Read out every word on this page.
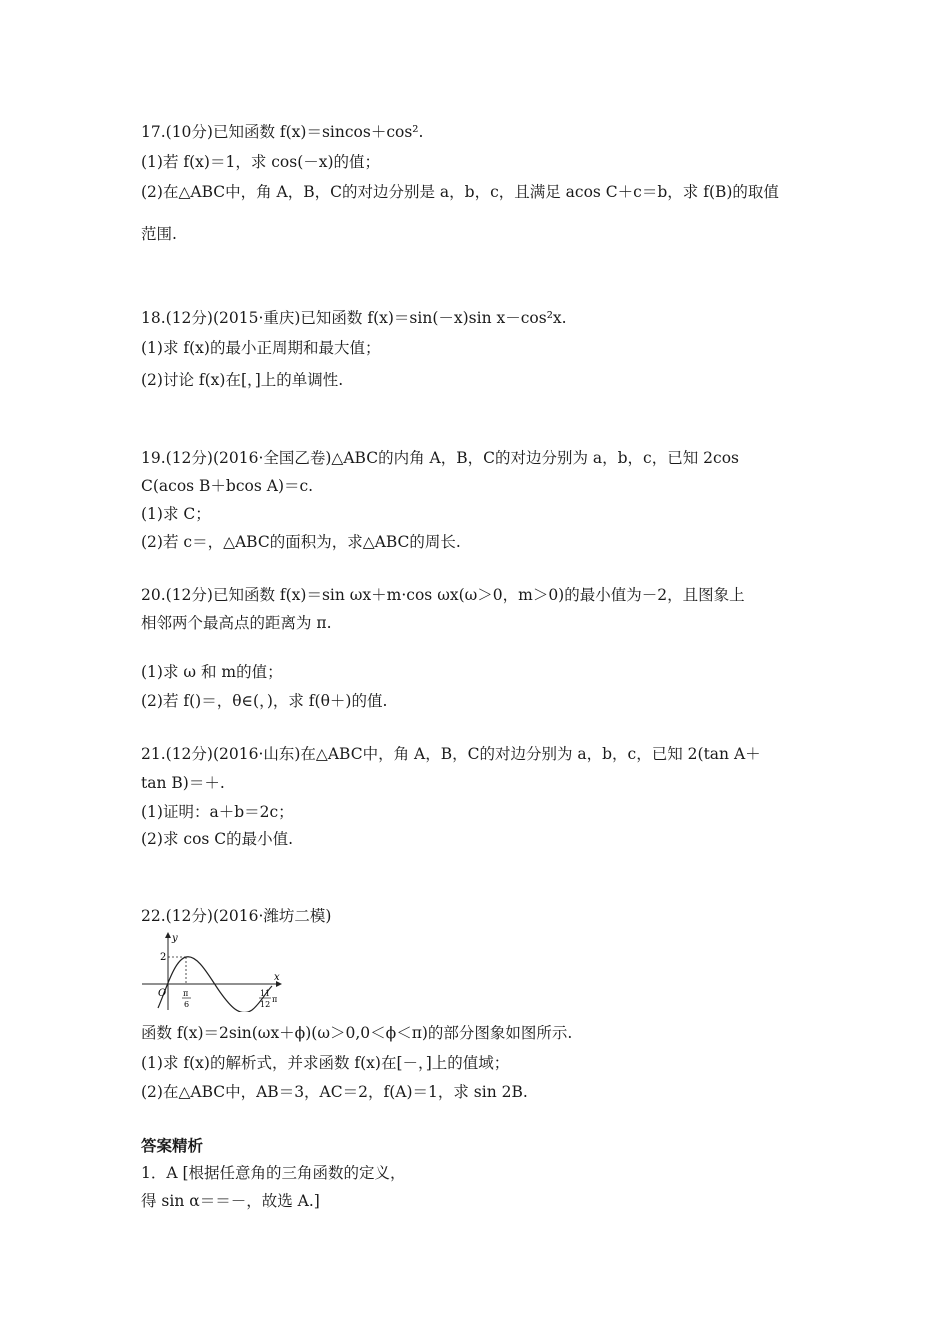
17.(10分)已知函数 f(x)＝sincos＋cos².
(1)若 f(x)＝1，求 cos(－x)的值；
(2)在△ABC中，角 A，B，C的对边分别是 a，b，c，且满足 acos C＋c＝b，求 f(B)的取值
范围.
18.(12分)(2015·重庆)已知函数 f(x)＝sin(－x)sin x－cos²x.
(1)求 f(x)的最小正周期和最大值；
(2)讨论 f(x)在[，]上的单调性.
19.(12分)(2016·全国乙卷)△ABC的内角 A，B，C的对边分别为 a，b，c，已知 2cos
C(acos B＋bcos A)＝c.
(1)求 C；
(2)若 c＝，△ABC的面积为，求△ABC的周长.
20.(12分)已知函数 f(x)＝sin ωx＋m·cos ωx(ω＞0，m＞0)的最小值为－2，且图象上
相邻两个最高点的距离为 π.
(1)求 ω 和 m的值；
(2)若 f()＝，θ∈(，)，求 f(θ＋)的值.
21.(12分)(2016·山东)在△ABC中，角 A，B，C的对边分别为 a，b，c，已知 2(tan A＋
tan B)＝＋.
(1)证明：a＋b＝2c；
(2)求 cos C的最小值.
22.(12分)(2016·潍坊二模)
y
x
O
2
π
6
11
12
π
函数 f(x)＝2sin(ωx＋ϕ)(ω＞0,0＜ϕ＜π)的部分图象如图所示.
(1)求 f(x)的解析式，并求函数 f(x)在[－，]上的值域；
(2)在△ABC中，AB＝3，AC＝2，f(A)＝1，求 sin 2B.
答案精析
1．A [根据任意角的三角函数的定义，
得 sin α＝＝－，故选 A.]
